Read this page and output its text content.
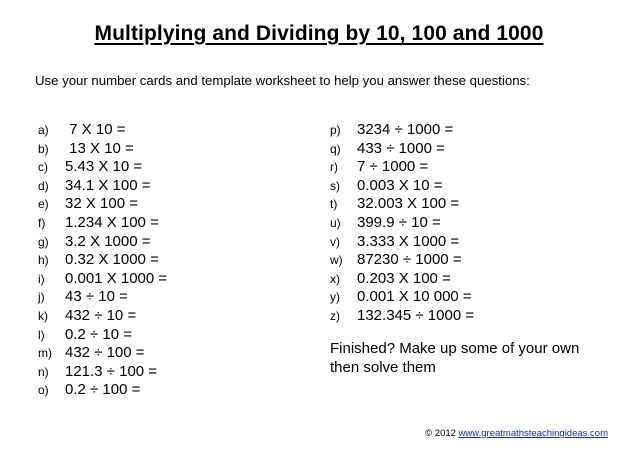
Multiplying and Dividing by 10, 100 and 1000
Use your number cards and template worksheet to help you answer these questions:
a) 7 X 10 =
b) 13 X 10 =
c) 5.43 X 10 =
d) 34.1 X 100 =
e) 32 X 100 =
f) 1.234 X 100 =
g) 3.2 X 1000 =
h) 0.32 X 1000 =
i) 0.001 X 1000 =
j) 43 ÷ 10 =
k) 432 ÷ 10 =
l) 0.2 ÷ 10 =
m) 432 ÷ 100 =
n) 121.3 ÷ 100 =
o) 0.2 ÷ 100 =
p) 3234 ÷ 1000 =
q) 433 ÷ 1000 =
r) 7 ÷ 1000 =
s) 0.003 X 10 =
t) 32.003 X 100 =
u) 399.9 ÷ 10 =
v) 3.333 X 1000 =
w) 87230 ÷ 1000 =
x) 0.203 X 100 =
y) 0.001 X 10 000 =
z) 132.345 ÷ 1000 =
Finished? Make up some of your own then solve them
© 2012 www.greatmathsteachingideas.com
